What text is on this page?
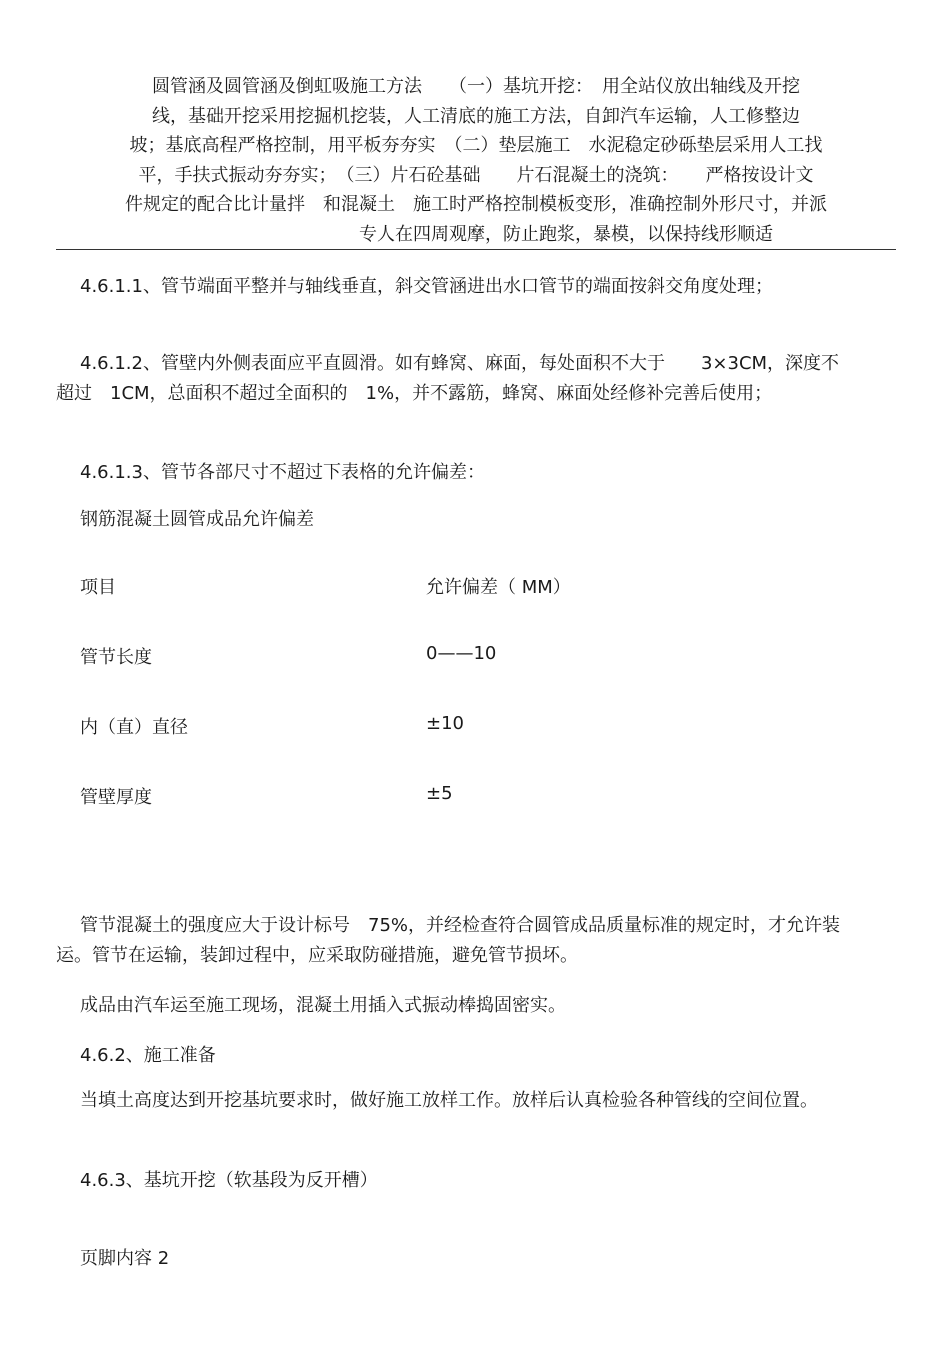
圆管涵及圆管涵及倒虹吸施工方法　　（一）基坑开挖：　用全站仪放出轴线及开挖
线，基础开挖采用挖掘机挖装，人工清底的施工方法，自卸汽车运输，人工修整边
坡；基底高程严格控制，用平板夯夯实　（二）垫层施工　水泥稳定砂砾垫层采用人工找
平，手扶式振动夯夯实；　（三）片石砼基础　　片石混凝土的浇筑：　　严格按设计文
件规定的配合比计量拌　和混凝土　施工时严格控制模板变形，准确控制外形尺寸，并派
　　　　　　　　　　专人在四周观摩，防止跑浆，暴模，以保持线形顺适
4.6.1.1、管节端面平整并与轴线垂直，斜交管涵进出水口管节的端面按斜交角度处理；
4.6.1.2、管壁内外侧表面应平直圆滑。如有蜂窝、麻面，每处面积不大于　　3×3CM，深度不超过　1CM，总面积不超过全面积的　1%，并不露筋，蜂窝、麻面处经修补完善后使用；
4.6.1.3、管节各部尺寸不超过下表格的允许偏差：
钢筋混凝土圆管成品允许偏差
项目	允许偏差（ MM）
管节长度	0——10
内（直）直径	±10
管壁厚度	±5
管节混凝土的强度应大于设计标号　75%，并经检查符合圆管成品质量标准的规定时，才允许装运。管节在运输，装卸过程中，应采取防碰措施，避免管节损坏。
成品由汽车运至施工现场，混凝土用插入式振动棒捣固密实。
4.6.2、施工准备
当填土高度达到开挖基坑要求时，做好施工放样工作。放样后认真检验各种管线的空间位置。
4.6.3、基坑开挖（软基段为反开槽）
页脚内容 2
